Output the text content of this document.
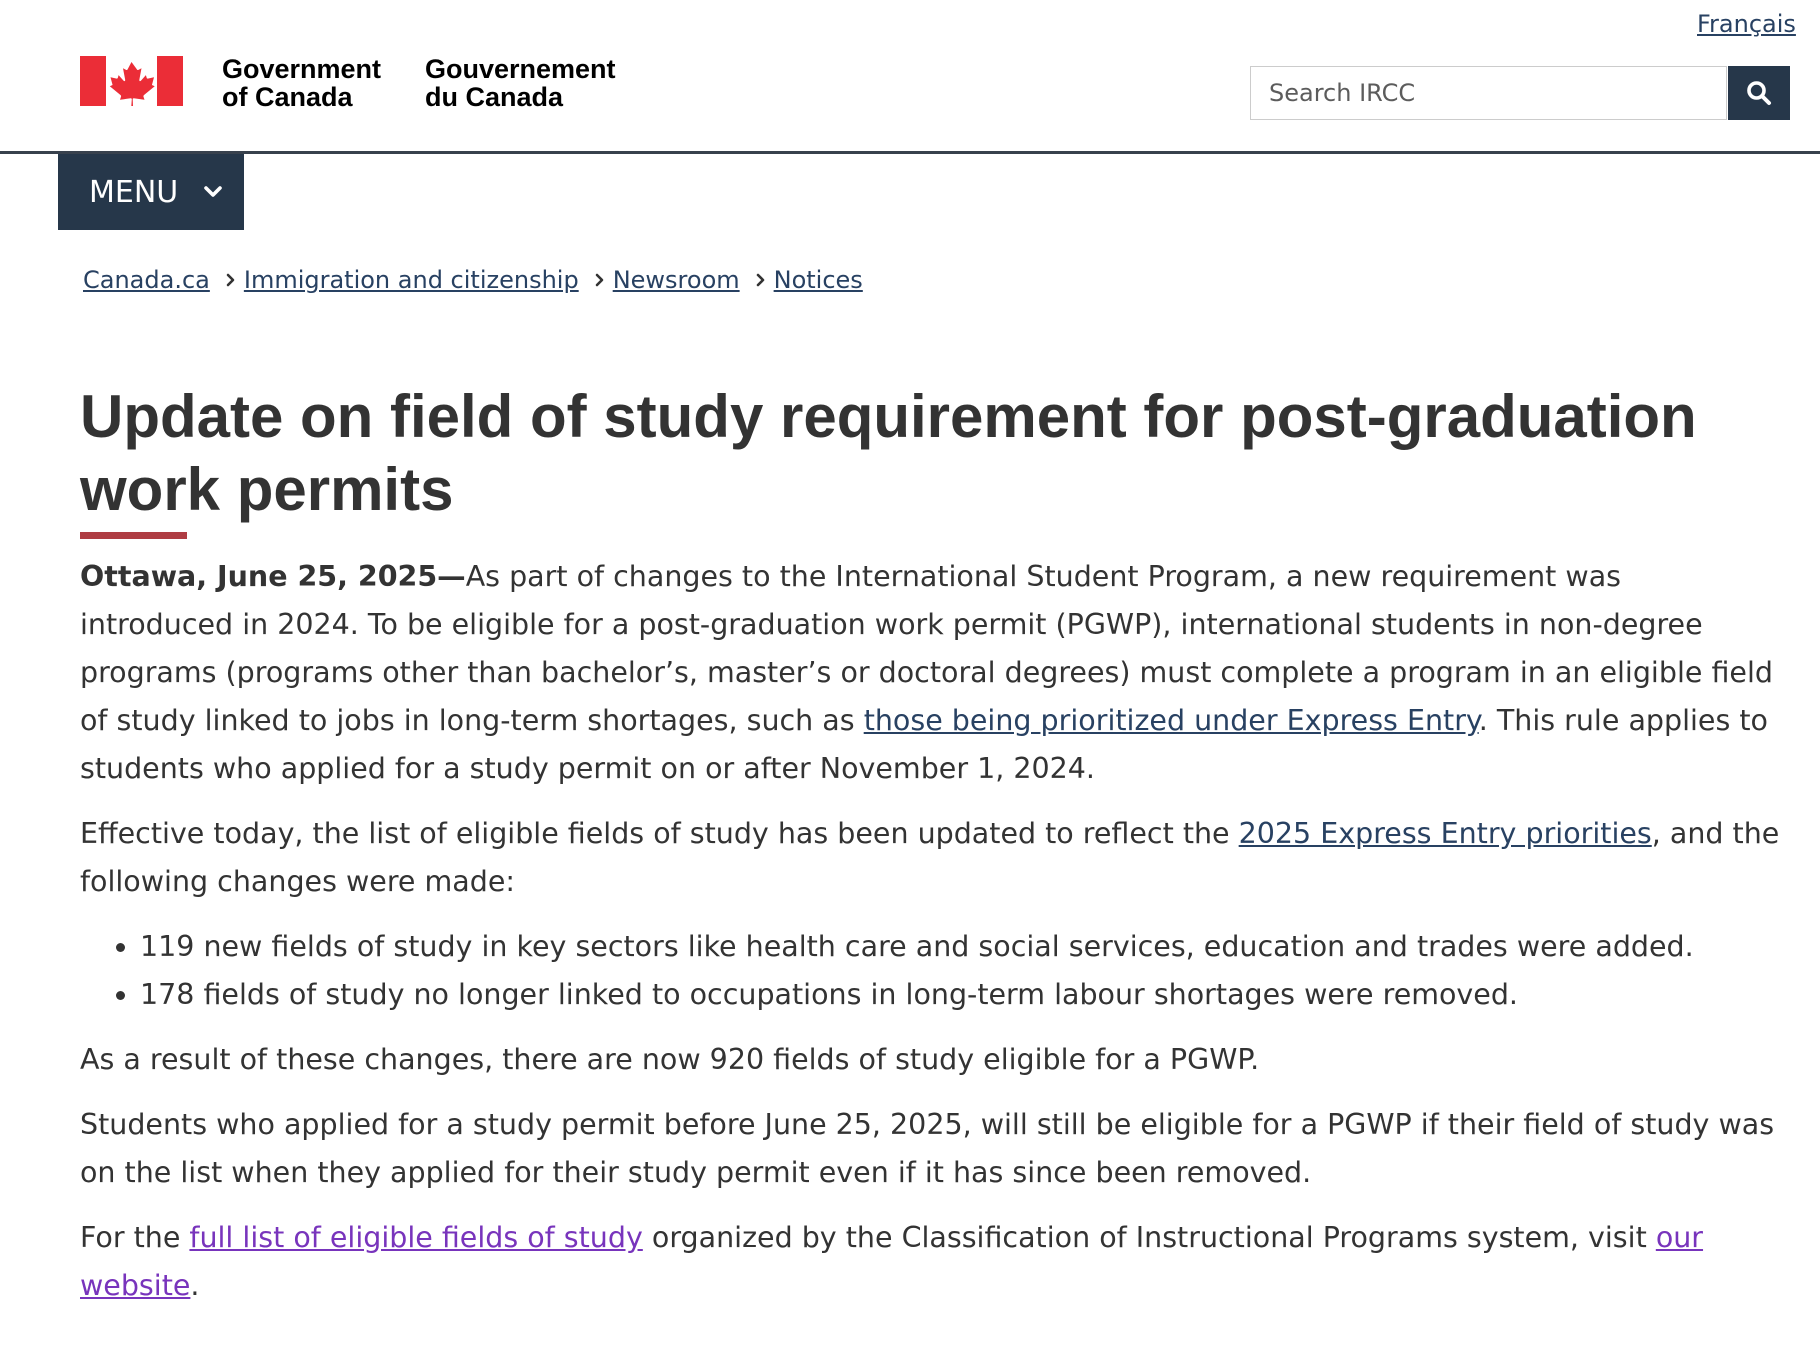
Français
Government
of Canada
Gouvernement
du Canada
Search IRCC
MENU
Canada.ca Immigration and citizenship Newsroom Notices
Update on field of study requirement for post-graduation work permits

Ottawa, June 25, 2025—As part of changes to the International Student Program, a new requirement was introduced in 2024. To be eligible for a post-graduation work permit (PGWP), international students in non-degree programs (programs other than bachelor’s, master’s or doctoral degrees) must complete a program in an eligible field of study linked to jobs in long-term shortages, such as those being prioritized under Express Entry. This rule applies to students who applied for a study permit on or after November 1, 2024.

Effective today, the list of eligible fields of study has been updated to reflect the 2025 Express Entry priorities, and the following changes were made:

• 119 new fields of study in key sectors like health care and social services, education and trades were added.
• 178 fields of study no longer linked to occupations in long-term labour shortages were removed.

As a result of these changes, there are now 920 fields of study eligible for a PGWP.

Students who applied for a study permit before June 25, 2025, will still be eligible for a PGWP if their field of study was on the list when they applied for their study permit even if it has since been removed.

For the full list of eligible fields of study organized by the Classification of Instructional Programs system, visit our website.
